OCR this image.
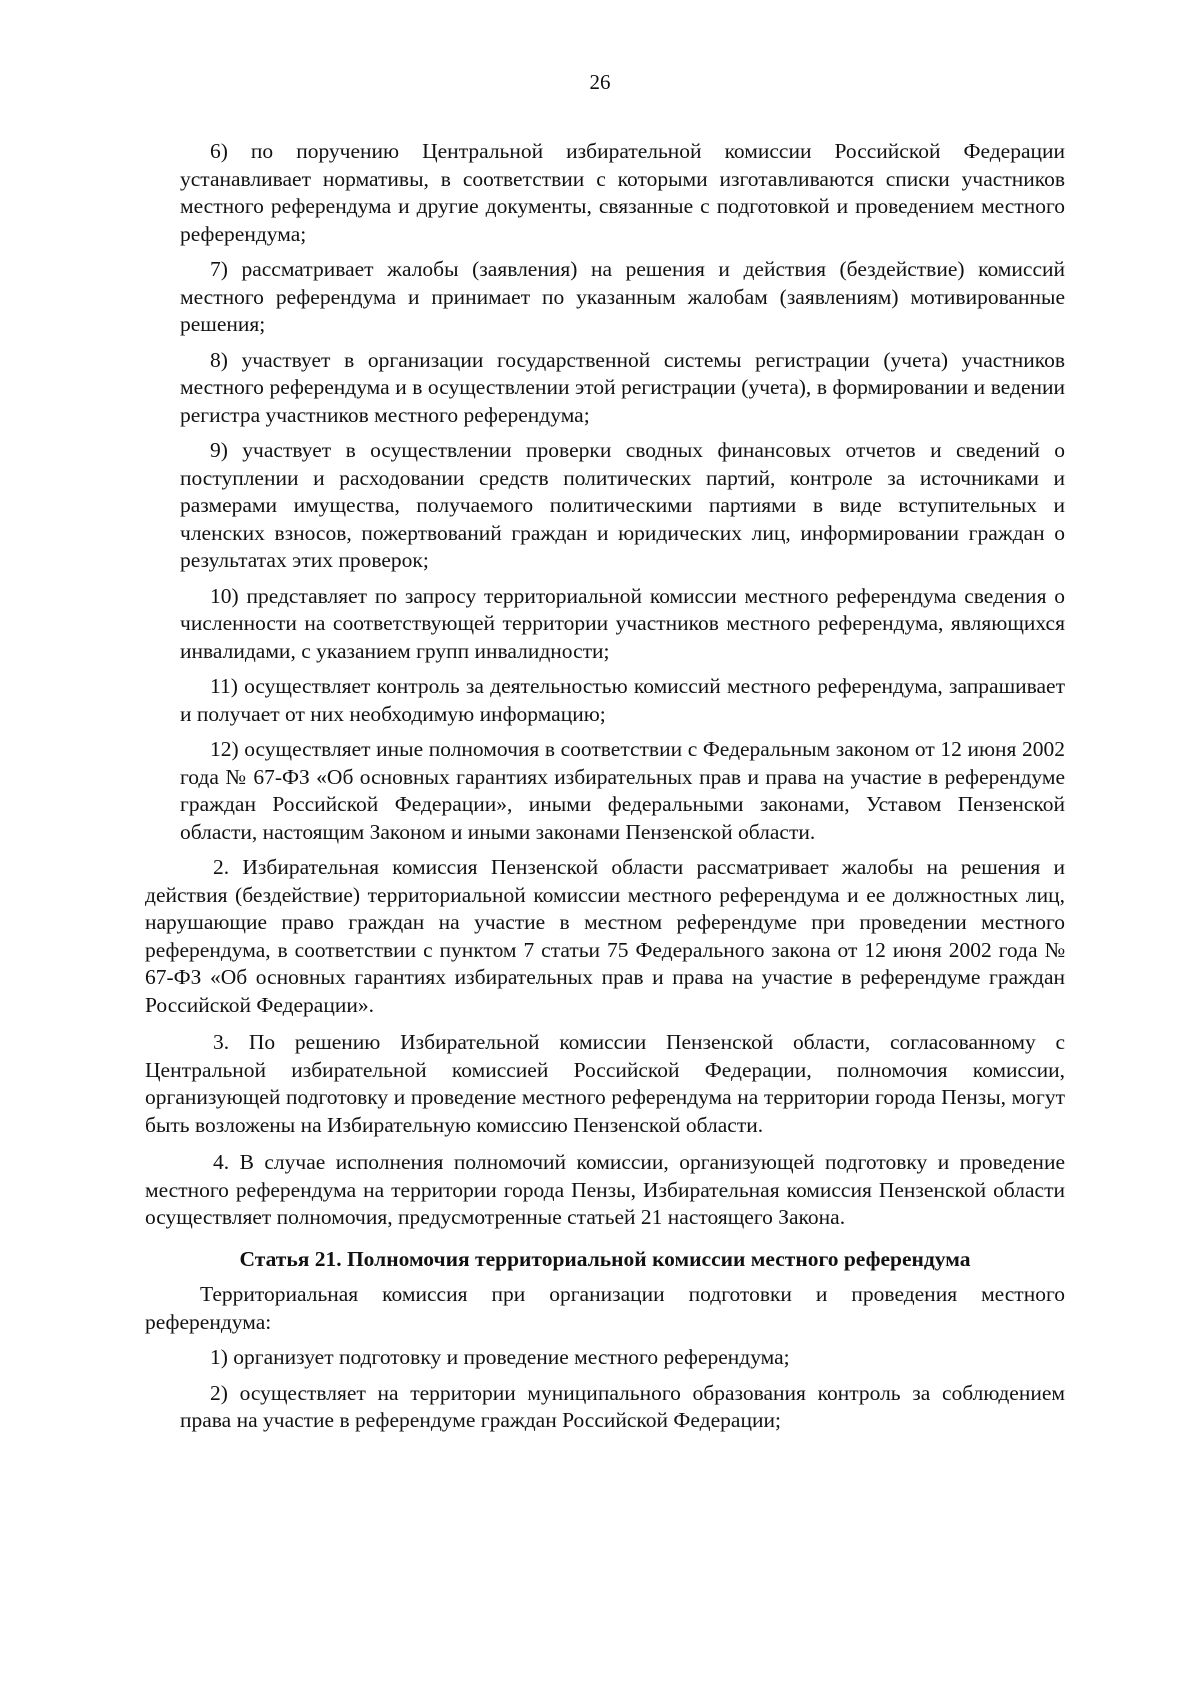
26

6) по поручению Центральной избирательной комиссии Российской Федерации устанавливает нормативы, в соответствии с которыми изготавливаются списки участников местного референдума и другие документы, связанные с подготовкой и проведением местного референдума;

7) рассматривает жалобы (заявления) на решения и действия (бездействие) комиссий местного референдума и принимает по указанным жалобам (заявлениям) мотивированные решения;

8) участвует в организации государственной системы регистрации (учета) участников местного референдума и в осуществлении этой регистрации (учета), в формировании и ведении регистра участников местного референдума;

9) участвует в осуществлении проверки сводных финансовых отчетов и сведений о поступлении и расходовании средств политических партий, контроле за источниками и размерами имущества, получаемого политическими партиями в виде вступительных и членских взносов, пожертвований граждан и юридических лиц, информировании граждан о результатах этих проверок;

10) представляет по запросу территориальной комиссии местного референдума сведения о численности на соответствующей территории участников местного референдума, являющихся инвалидами, с указанием групп инвалидности;

11) осуществляет контроль за деятельностью комиссий местного референдума, запрашивает и получает от них необходимую информацию;

12) осуществляет иные полномочия в соответствии с Федеральным законом от 12 июня 2002 года № 67-ФЗ «Об основных гарантиях избирательных прав и права на участие в референдуме граждан Российской Федерации», иными федеральными законами, Уставом Пензенской области, настоящим Законом и иными законами Пензенской области.

2. Избирательная комиссия Пензенской области рассматривает жалобы на решения и действия (бездействие) территориальной комиссии местного референдума и ее должностных лиц, нарушающие право граждан на участие в местном референдуме при проведении местного референдума, в соответствии с пунктом 7 статьи 75 Федерального закона от 12 июня 2002 года № 67-ФЗ «Об основных гарантиях избирательных прав и права на участие в референдуме граждан Российской Федерации».

3. По решению Избирательной комиссии Пензенской области, согласованному с Центральной избирательной комиссией Российской Федерации, полномочия комиссии, организующей подготовку и проведение местного референдума на территории города Пензы, могут быть возложены на Избирательную комиссию Пензенской области.

4. В случае исполнения полномочий комиссии, организующей подготовку и проведение местного референдума на территории города Пензы, Избирательная комиссия Пензенской области осуществляет полномочия, предусмотренные статьей 21 настоящего Закона.

Статья 21. Полномочия территориальной комиссии местного референдума

Территориальная комиссия при организации подготовки и проведения местного референдума:

1) организует подготовку и проведение местного референдума;

2) осуществляет на территории муниципального образования контроль за соблюдением права на участие в референдуме граждан Российской Федерации;
